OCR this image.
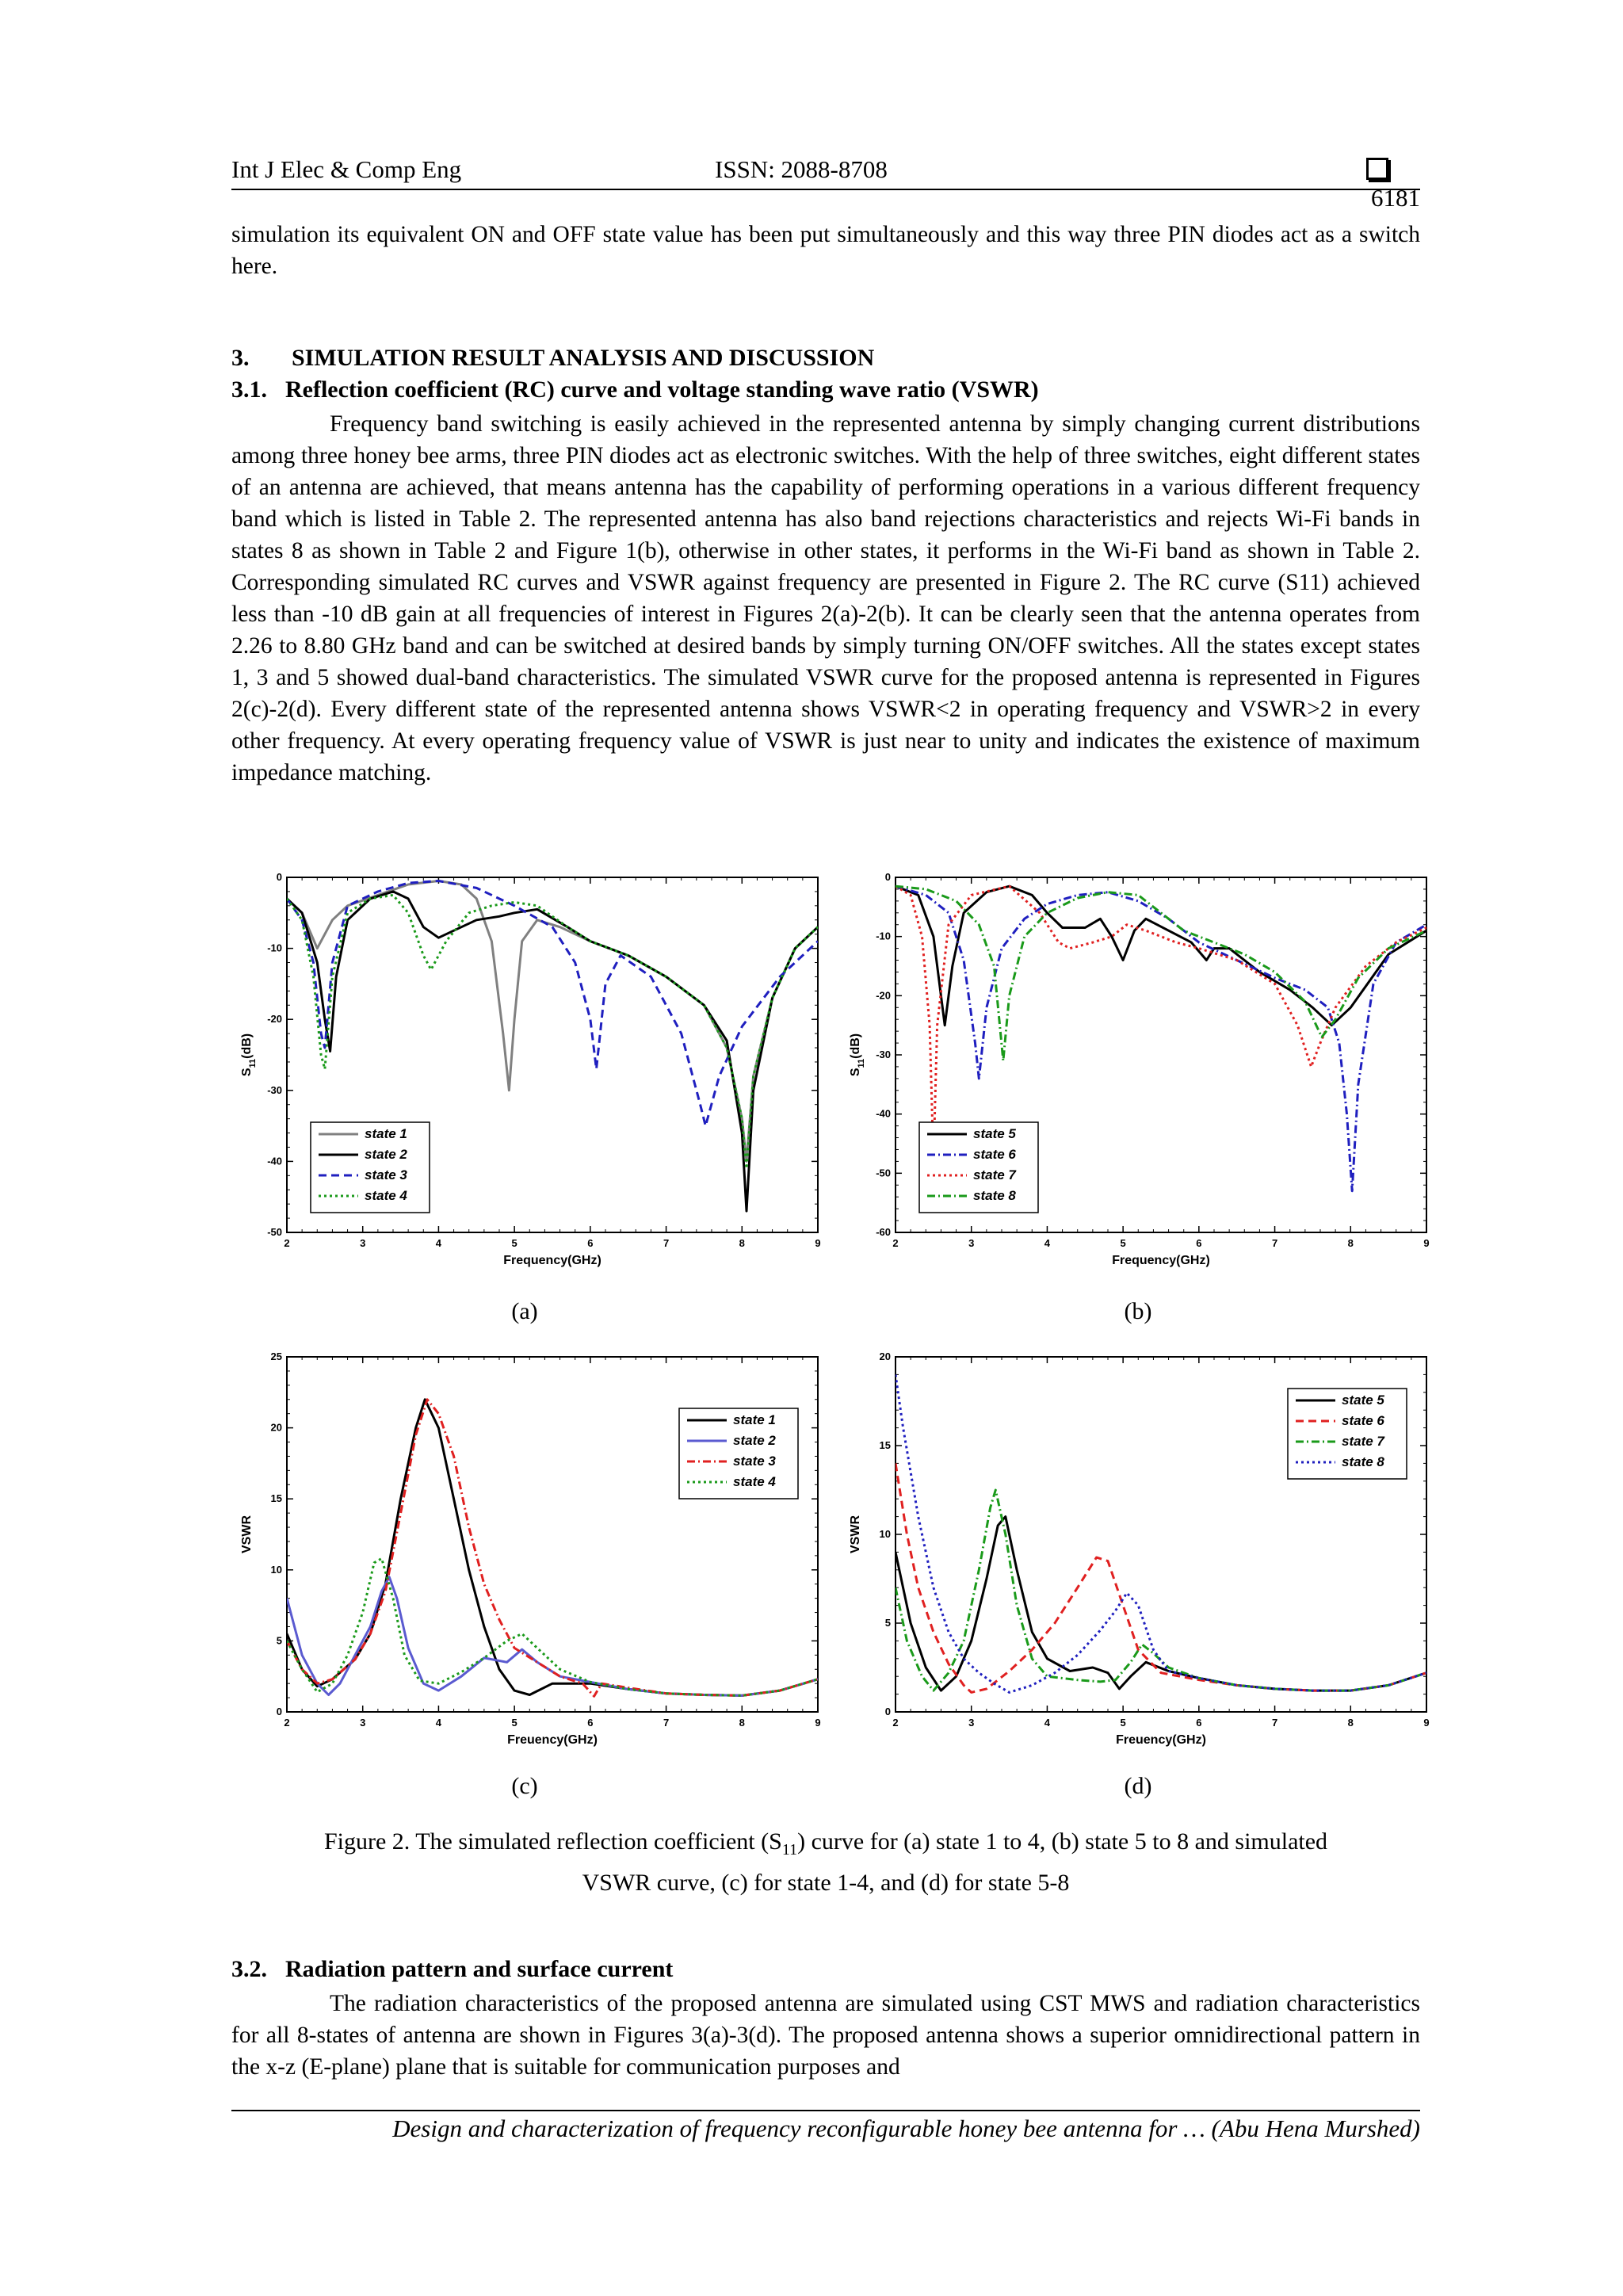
Int J Elec & Comp Eng	ISSN: 2088-8708
6181

simulation its equivalent ON and OFF state value has been put simultaneously and this way three PIN diodes act as a switch here.

3. SIMULATION RESULT ANALYSIS AND DISCUSSION
3.1. Reflection coefficient (RC) curve and voltage standing wave ratio (VSWR)

Frequency band switching is easily achieved in the represented antenna by simply changing current distributions among three honey bee arms, three PIN diodes act as electronic switches. With the help of three switches, eight different states of an antenna are achieved, that means antenna has the capability of performing operations in a various different frequency band which is listed in Table 2. The represented antenna has also band rejections characteristics and rejects Wi-Fi bands in states 8 as shown in Table 2 and Figure 1(b), otherwise in other states, it performs in the Wi-Fi band as shown in Table 2. Corresponding simulated RC curves and VSWR against frequency are presented in Figure 2. The RC curve (S11) achieved less than -10 dB gain at all frequencies of interest in Figures 2(a)-2(b). It can be clearly seen that the antenna operates from 2.26 to 8.80 GHz band and can be switched at desired bands by simply turning ON/OFF switches. All the states except states 1, 3 and 5 showed dual-band characteristics. The simulated VSWR curve for the proposed antenna is represented in Figures 2(c)-2(d). Every different state of the represented antenna shows VSWR<2 in operating frequency and VSWR>2 in every other frequency. At every operating frequency value of VSWR is just near to unity and indicates the existence of maximum impedance matching.

2	3	4	5	6	7	8	9
0
-10
-20
-30
-40
-50
Frequency(GHz)
$S_{11}(dB)$
state 1
state 2
state 3
state 4
2	3	4	5	6	7	8	9
0
-10
-20
-30
-40
-50
-60
Frequency(GHz)
$S_{11}(dB)$
state 5
state 6
state 7
state 8
2	3	4	5	6	7	8	9
0
5
10
15
20
25
Freuency(GHz)
VSWR
state 1
state 2
state 3
state 4
2	3	4	5	6	7	8	9
0
5
10
15
20
Freuency(GHz)
VSWR
state 5
state 6
state 7
state 8
(a)	(b)
(c)	(d)
Figure 2. The simulated reflection coefficient $(S_{11})$ curve for (a) state 1 to 4, (b) state 5 to 8 and simulated
VSWR curve, (c) for state 1-4, and (d) for state 5-8
3.2. Radiation pattern and surface current

The radiation characteristics of the proposed antenna are simulated using CST MWS and radiation characteristics for all 8-states of antenna are shown in Figures 3(a)-3(d). The proposed antenna shows a superior omnidirectional pattern in the x-z (E-plane) plane that is suitable for communication purposes and

Design and characterization of frequency reconfigurable honey bee antenna for … (Abu Hena Murshed)
